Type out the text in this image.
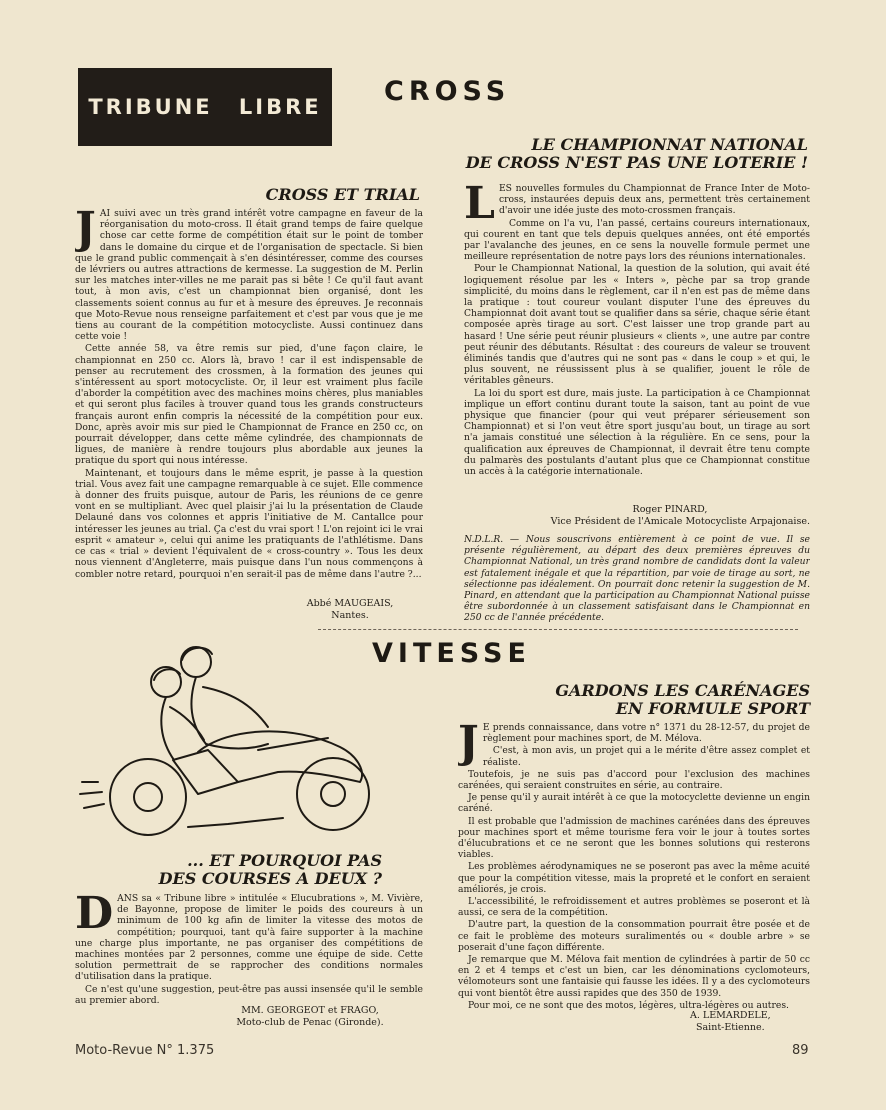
TRIBUNE LIBRE	CROSS
CROSS ET TRIAL
J AI suivi avec un très grand intérêt votre campagne en faveur de la réorganisation du moto-cross. Il était grand temps de faire quelque chose car cette forme de compétition était sur le point de tomber dans le domaine du cirque et de l'organisation de spectacle. Si bien que le grand public commençait à s'en désintéresser, comme des courses de lévriers ou autres attractions de kermesse. La suggestion de M. Perlin sur les matches inter-villes ne me parait pas si bête ! Ce qu'il faut avant tout, à mon avis, c'est un championnat bien organisé, dont les classements soient connus au fur et à mesure des épreuves. Je reconnais que Moto-Revue nous renseigne parfaitement et c'est par vous que je me tiens au courant de la compétition motocycliste. Aussi continuez dans cette voie !

Cette année 58, va être remis sur pied, d'une façon claire, le championnat en 250 cc. Alors là, bravo ! car il est indispensable de penser au recrutement des crossmen, à la formation des jeunes qui s'intéressent au sport motocycliste. Or, il leur est vraiment plus facile d'aborder la compétition avec des machines moins chères, plus maniables et qui seront plus faciles à trouver quand tous les grands constructeurs français auront enfin compris la nécessité de la compétition pour eux. Donc, après avoir mis sur pied le Championnat de France en 250 cc, on pourrait développer, dans cette même cylindrée, des championnats de ligues, de manière à rendre toujours plus abordable aux jeunes la pratique du sport qui nous intéresse.

Maintenant, et toujours dans le même esprit, je passe à la question trial. Vous avez fait une campagne remarquable à ce sujet. Elle commence à donner des fruits puisque, autour de Paris, les réunions de ce genre vont en se multipliant. Avec quel plaisir j'ai lu la présentation de Claude Delauné dans vos colonnes et appris l'initiative de M. Cantallce pour intéresser les jeunes au trial. Ça c'est du vrai sport ! L'on rejoint ici le vrai esprit « amateur », celui qui anime les pratiquants de l'athlétisme. Dans ce cas « trial » devient l'équivalent de « cross-country ». Tous les deux nous viennent d'Angleterre, mais puisque dans l'un nous commençons à combler notre retard, pourquoi n'en serait-il pas de même dans l'autre ?...

Abbé MAUGEAIS,
Nantes.
LE CHAMPIONNAT NATIONAL
DE CROSS N'EST PAS UNE LOTERIE !
L ES nouvelles formules du Championnat de France Inter de Moto-cross, instaurées depuis deux ans, permettent très certainement d'avoir une idée juste des moto-crossmen français.

Comme on l'a vu, l'an passé, certains coureurs internationaux, qui courent en tant que tels depuis quelques années, ont été emportés par l'avalanche des jeunes, en ce sens la nouvelle formule permet une meilleure représentation de notre pays lors des réunions internationales.

Pour le Championnat National, la question de la solution, qui avait été logiquement résolue par les « Inters », pèche par sa trop grande simplicité, du moins dans le règlement, car il n'en est pas de même dans la pratique : tout coureur voulant disputer l'une des épreuves du Championnat doit avant tout se qualifier dans sa série, chaque série étant composée après tirage au sort. C'est laisser une trop grande part au hasard ! Une série peut réunir plusieurs « clients », une autre par contre peut réunir des débutants. Résultat : des coureurs de valeur se trouvent éliminés tandis que d'autres qui ne sont pas « dans le coup » et qui, le plus souvent, ne réussissent plus à se qualifier, jouent le rôle de véritables gêneurs.

La loi du sport est dure, mais juste. La participation à ce Championnat implique un effort continu durant toute la saison, tant au point de vue physique que financier (pour qui veut préparer sérieusement son Championnat) et si l'on veut être sport jusqu'au bout, un tirage au sort n'a jamais constitué une sélection à la régulière. En ce sens, pour la qualification aux épreuves de Championnat, il devrait être tenu compte du palmarès des postulants d'autant plus que ce Championnat constitue un accès à la catégorie internationale.

Roger PINARD,
Vice Président de l'Amicale Motocycliste Arpajonaise.
N.D.L.R. — Nous souscrivons entièrement à ce point de vue. Il se présente régulièrement, au départ des deux premières épreuves du Championnat National, un très grand nombre de candidats dont la valeur est fatalement inégale et que la répartition, par voie de tirage au sort, ne sélectionne pas idéalement. On pourrait donc retenir la suggestion de M. Pinard, en attendant que la participation au Championnat National puisse être subordonnée à un classement satisfaisant dans le Championnat en 250 cc de l'année précédente.
VITESSE
... ET POURQUOI PAS
DES COURSES A DEUX ?
D ANS sa « Tribune libre » intitulée « Elucubrations », M. Vivière, de Bayonne, propose de limiter le poids des coureurs à un minimum de 100 kg afin de limiter la vitesse des motos de compétition; pourquoi, tant qu'à faire supporter à la machine une charge plus importante, ne pas organiser des compétitions de machines montées par 2 personnes, comme une équipe de side. Cette solution permettrait de se rapprocher des conditions normales d'utilisation dans la pratique.

Ce n'est qu'une suggestion, peut-être pas aussi insensée qu'il le semble au premier abord.

MM. GEORGEOT et FRAGO,
Moto-club de Penac (Gironde).
GARDONS LES CARÉNAGES
EN FORMULE SPORT
J E prends connaissance, dans votre n° 1371 du 28-12-57, du projet de règlement pour machines sport, de M. Mélova.

C'est, à mon avis, un projet qui a le mérite d'être assez complet et réaliste.

Toutefois, je ne suis pas d'accord pour l'exclusion des machines carénées, qui seraient construites en série, au contraire.

Je pense qu'il y aurait intérêt à ce que la motocyclette devienne un engin caréné.

Il est probable que l'admission de machines carénées dans des épreuves pour machines sport et même tourisme fera voir le jour à toutes sortes d'élucubrations et ce ne seront que les bonnes solutions qui resterons viables.

Les problèmes aérodynamiques ne se poseront pas avec la même acuité que pour la compétition vitesse, mais la propreté et le confort en seraient améliorés, je crois.

L'accessibilité, le refroidissement et autres problèmes se poseront et là aussi, ce sera de la compétition.

D'autre part, la question de la consommation pourrait être posée et de ce fait le problème des moteurs suralimentés ou « double arbre » se poserait d'une façon différente.

Je remarque que M. Mélova fait mention de cylindrées à partir de 50 cc en 2 et 4 temps et c'est un bien, car les dénominations cyclomoteurs, vélomoteurs sont une fantaisie qui fausse les idées. Il y a des cyclomoteurs qui vont bientôt être aussi rapides que des 350 de 1939.

Pour moi, ce ne sont que des motos, légères, ultra-légères ou autres.

A. LEMARDELE,
Saint-Etienne.
Moto-Revue N° 1.375	89
